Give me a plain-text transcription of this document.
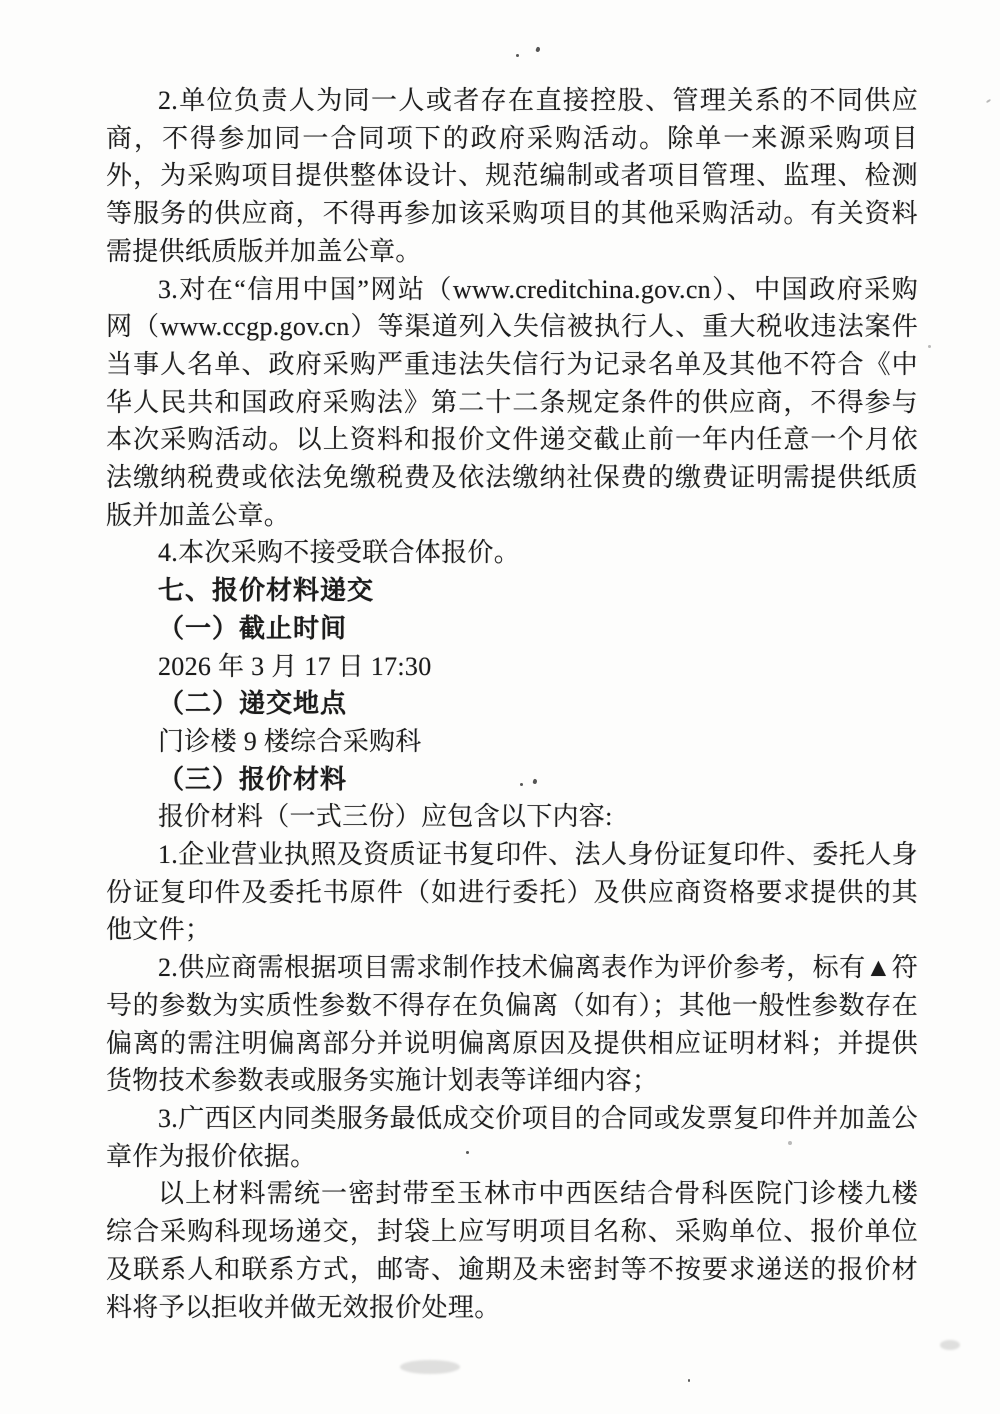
2.单位负责人为同一人或者存在直接控股、管理关系的不同供应商，不得参加同一合同项下的政府采购活动。除单一来源采购项目外，为采购项目提供整体设计、规范编制或者项目管理、监理、检测等服务的供应商，不得再参加该采购项目的其他采购活动。有关资料需提供纸质版并加盖公章。

3.对在“信用中国”网站（www.creditchina.gov.cn）、中国政府采购网（www.ccgp.gov.cn）等渠道列入失信被执行人、重大税收违法案件当事人名单、政府采购严重违法失信行为记录名单及其他不符合《中华人民共和国政府采购法》第二十二条规定条件的供应商，不得参与本次采购活动。以上资料和报价文件递交截止前一年内任意一个月依法缴纳税费或依法免缴税费及依法缴纳社保费的缴费证明需提供纸质版并加盖公章。

4.本次采购不接受联合体报价。

七、报价材料递交

（一）截止时间

2026 年 3 月 17 日 17:30

（二）递交地点

门诊楼 9 楼综合采购科

（三）报价材料

报价材料（一式三份）应包含以下内容:

1.企业营业执照及资质证书复印件、法人身份证复印件、委托人身份证复印件及委托书原件（如进行委托）及供应商资格要求提供的其他文件；

2.供应商需根据项目需求制作技术偏离表作为评价参考，标有▲符号的参数为实质性参数不得存在负偏离（如有）；其他一般性参数存在偏离的需注明偏离部分并说明偏离原因及提供相应证明材料；并提供货物技术参数表或服务实施计划表等详细内容；

3.广西区内同类服务最低成交价项目的合同或发票复印件并加盖公章作为报价依据。

以上材料需统一密封带至玉林市中西医结合骨科医院门诊楼九楼综合采购科现场递交，封袋上应写明项目名称、采购单位、报价单位及联系人和联系方式，邮寄、逾期及未密封等不按要求递送的报价材料将予以拒收并做无效报价处理。
